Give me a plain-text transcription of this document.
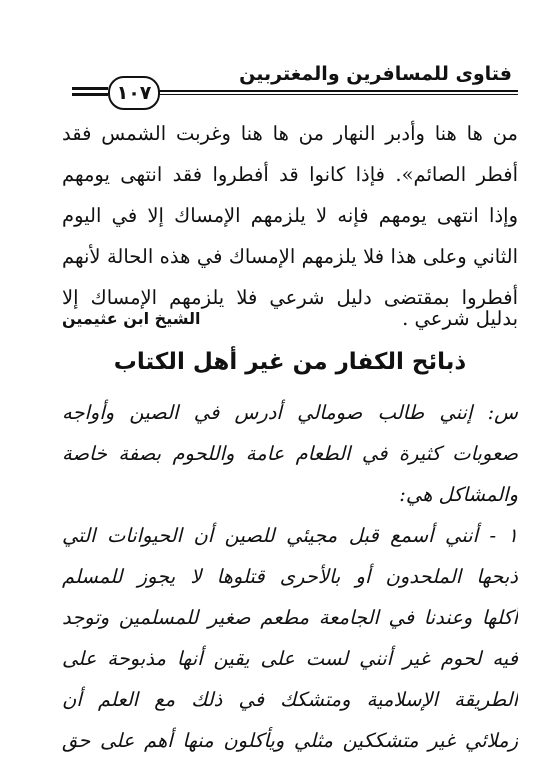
فتاوى للمسافرين والمغتربين
١٠٧
من ها هنا وأدبر النهار من ها هنا وغربت الشمس فقد
أفطر الصائم». فإذا كانوا قد أفطروا فقد انتهى يومهم
وإذا انتهى يومهم فإنه لا يلزمهم الإمساك إلا في اليوم
الثاني وعلى هذا فلا يلزمهم الإمساك في هذه الحالة لأنهم
أفطروا بمقتضى دليل شرعي فلا يلزمهم الإمساك إلا
بدليل شرعي .
الشيخ ابن عثيمين
ذبائح الكفار من غير أهل الكتاب
س: إنني طالب صومالي أدرس في الصين وأواجه
صعوبات كثيرة في الطعام عامة واللحوم بصفة خاصة
والمشاكل هي:
١ - أنني أسمع قبل مجيئي للصين أن الحيوانات التي
ذبحها الملحدون أو بالأحرى قتلوها لا يجوز للمسلم
أكلها وعندنا في الجامعة مطعم صغير للمسلمين وتوجد
فيه لحوم غير أنني لست على يقين أنها مذبوحة على
الطريقة الإسلامية ومتشكك في ذلك مع العلم أن
زملائي غير متشككين مثلي ويأكلون منها أهم على حق
